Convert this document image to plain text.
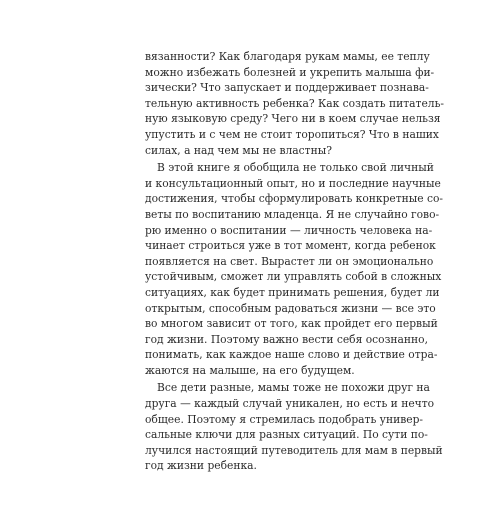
вязанности? Как благодаря рукам мамы, ее теплу
можно избежать болезней и укрепить малыша фи-
зически? Что запускает и поддерживает познава-
тельную активность ребенка? Как создать питатель-
ную языковую среду? Чего ни в коем случае нельзя
упустить и с чем не стоит торопиться? Что в наших
силах, а над чем мы не властны?
В этой книге я обобщила не только свой личный
и консультационный опыт, но и последние научные
достижения, чтобы сформулировать конкретные со-
веты по воспитанию младенца. Я не случайно гово-
рю именно о воспитании — личность человека на-
чинает строиться уже в тот момент, когда ребенок
появляется на свет. Вырастет ли он эмоционально
устойчивым, сможет ли управлять собой в сложных
ситуациях, как будет принимать решения, будет ли
открытым, способным радоваться жизни — все это
во многом зависит от того, как пройдет его первый
год жизни. Поэтому важно вести себя осознанно,
понимать, как каждое наше слово и действие отра-
жаются на малыше, на его будущем.
Все дети разные, мамы тоже не похожи друг на
друга — каждый случай уникален, но есть и нечто
общее. Поэтому я стремилась подобрать универ-
сальные ключи для разных ситуаций. По сути по-
лучился настоящий путеводитель для мам в первый
год жизни ребенка.
